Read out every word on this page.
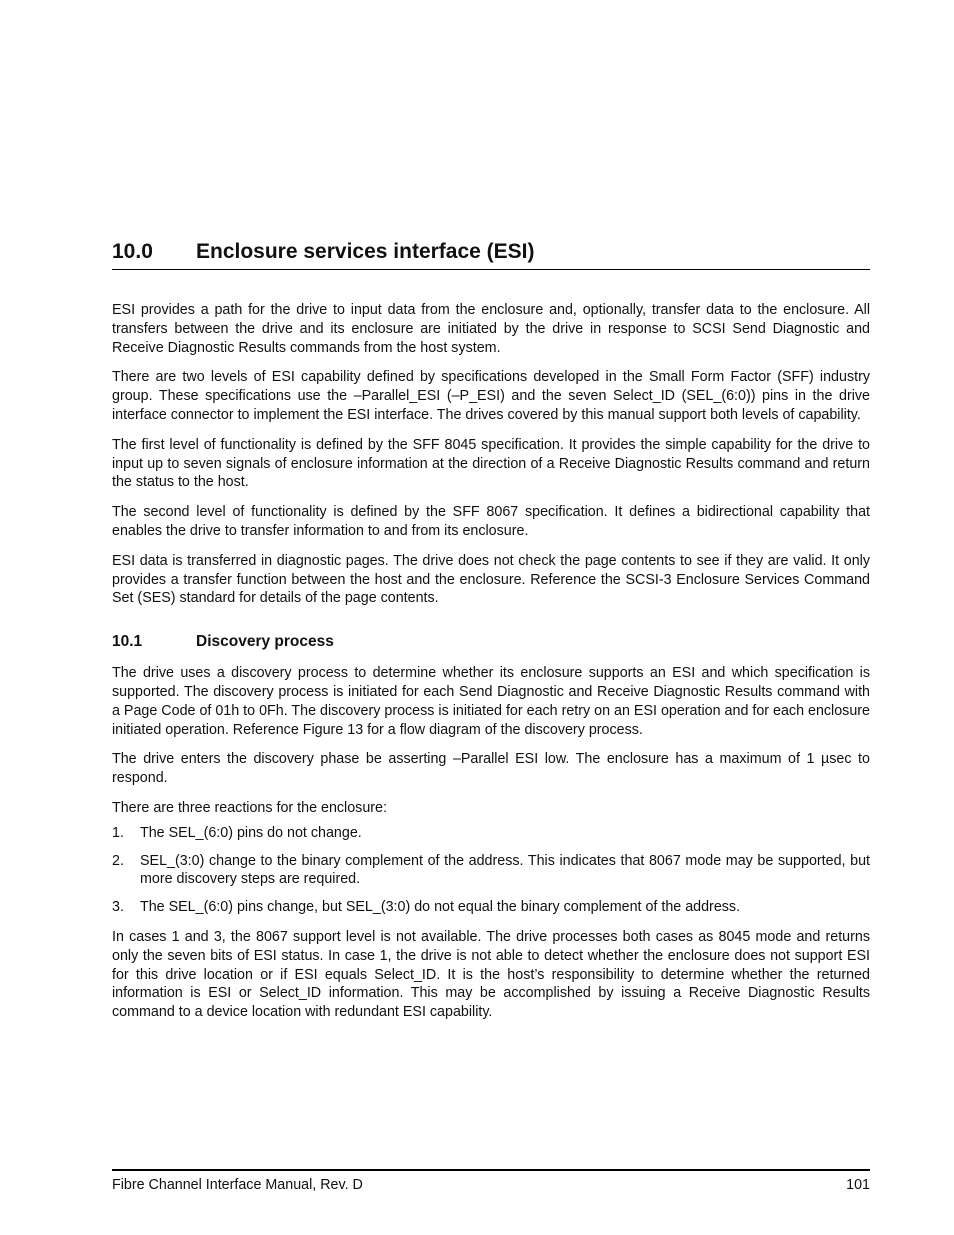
10.0	Enclosure services interface (ESI)

ESI provides a path for the drive to input data from the enclosure and, optionally, transfer data to the enclosure. All transfers between the drive and its enclosure are initiated by the drive in response to SCSI Send Diagnostic and Receive Diagnostic Results commands from the host system.

There are two levels of ESI capability defined by specifications developed in the Small Form Factor (SFF) industry group. These specifications use the –Parallel_ESI (–P_ESI) and the seven Select_ID (SEL_(6:0)) pins in the drive interface connector to implement the ESI interface. The drives covered by this manual support both levels of capability.

The first level of functionality is defined by the SFF 8045 specification. It provides the simple capability for the drive to input up to seven signals of enclosure information at the direction of a Receive Diagnostic Results command and return the status to the host.

The second level of functionality is defined by the SFF 8067 specification. It defines a bidirectional capability that enables the drive to transfer information to and from its enclosure.

ESI data is transferred in diagnostic pages. The drive does not check the page contents to see if they are valid. It only provides a transfer function between the host and the enclosure. Reference the SCSI-3 Enclosure Services Command Set (SES) standard for details of the page contents.

10.1	Discovery process

The drive uses a discovery process to determine whether its enclosure supports an ESI and which specification is supported. The discovery process is initiated for each Send Diagnostic and Receive Diagnostic Results command with a Page Code of 01h to 0Fh. The discovery process is initiated for each retry on an ESI operation and for each enclosure initiated operation. Reference Figure 13 for a flow diagram of the discovery process.

The drive enters the discovery phase be asserting –Parallel ESI low. The enclosure has a maximum of 1 µsec to respond.

There are three reactions for the enclosure:

1.	The SEL_(6:0) pins do not change.
2.	SEL_(3:0) change to the binary complement of the address. This indicates that 8067 mode may be supported, but more discovery steps are required.
3.	The SEL_(6:0) pins change, but SEL_(3:0) do not equal the binary complement of the address.

In cases 1 and 3, the 8067 support level is not available. The drive processes both cases as 8045 mode and returns only the seven bits of ESI status. In case 1, the drive is not able to detect whether the enclosure does not support ESI for this drive location or if ESI equals Select_ID. It is the host’s responsibility to determine whether the returned information is ESI or Select_ID information. This may be accomplished by issuing a Receive Diagnostic Results command to a device location with redundant ESI capability.

Fibre Channel Interface Manual, Rev. D	101
